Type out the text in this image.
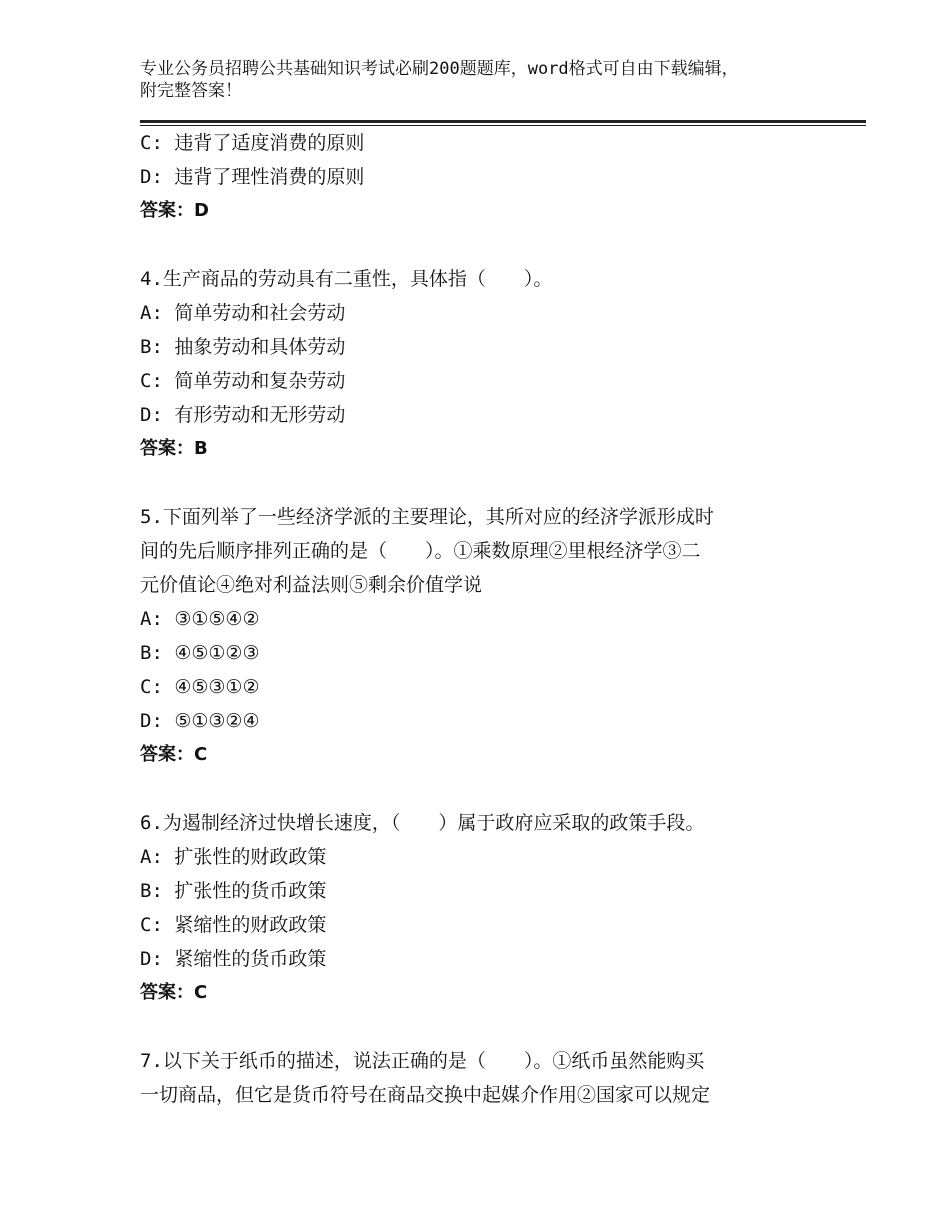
专业公务员招聘公共基础知识考试必刷200题题库，word格式可自由下载编辑，
附完整答案！
C: 违背了适度消费的原则
D: 违背了理性消费的原则
答案：D
4.生产商品的劳动具有二重性，具体指（　　）。
A: 简单劳动和社会劳动
B: 抽象劳动和具体劳动
C: 简单劳动和复杂劳动
D: 有形劳动和无形劳动
答案：B
5.下面列举了一些经济学派的主要理论，其所对应的经济学派形成时
间的先后顺序排列正确的是（　　）。①乘数原理②里根经济学③二
元价值论④绝对利益法则⑤剩余价值学说
A: ③①⑤④②
B: ④⑤①②③
C: ④⑤③①②
D: ⑤①③②④
答案：C
6.为遏制经济过快增长速度，（　　）属于政府应采取的政策手段。
A: 扩张性的财政政策
B: 扩张性的货币政策
C: 紧缩性的财政政策
D: 紧缩性的货币政策
答案：C
7.以下关于纸币的描述，说法正确的是（　　）。①纸币虽然能购买
一切商品，但它是货币符号在商品交换中起媒介作用②国家可以规定
